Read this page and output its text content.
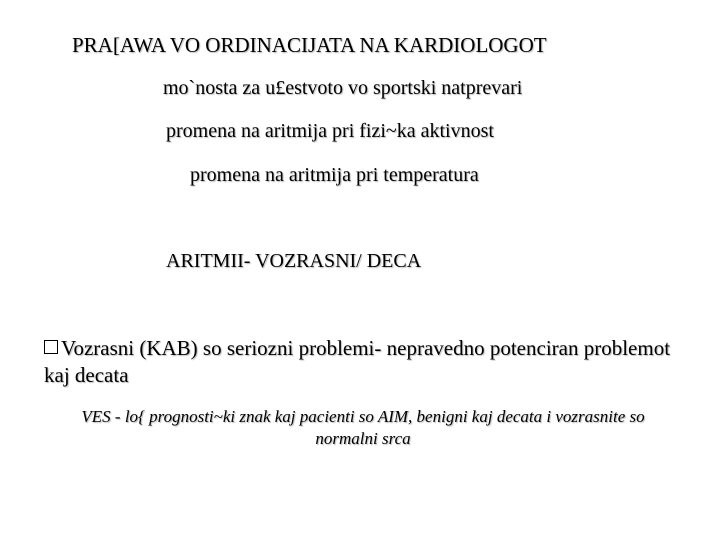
PRA[AWA VO ORDINACIJATA NA KARDIOLOGOT
mo`nosta za u£estvoto vo sportski natprevari
promena na aritmija pri fizi~ka aktivnost
promena na aritmija pri temperatura
ARITMII- VOZRASNI/ DECA
Vozrasni (KAB) so seriozni problemi- nepravedno potenciran problemot kaj decata
VES - lo{ prognosti~ki znak kaj pacienti so AIM, benigni kaj decata i vozrasnite so normalni srca
